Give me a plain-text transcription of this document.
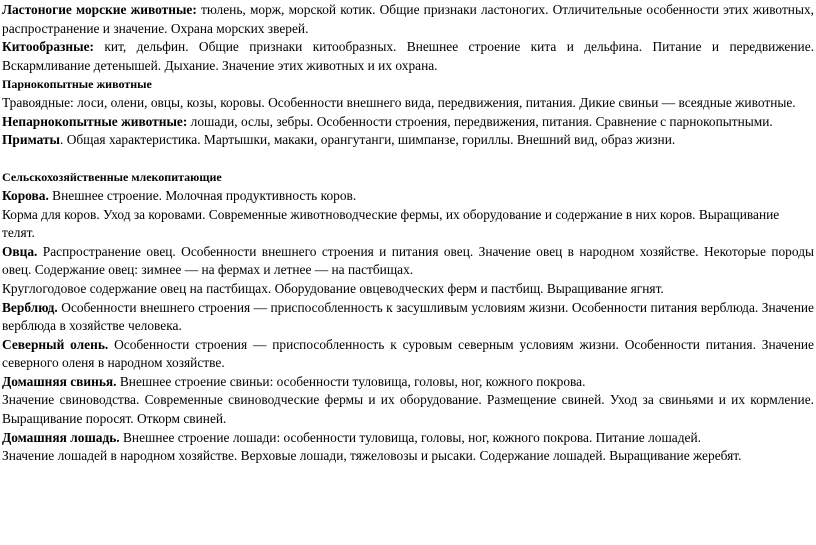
Ластоногие морские животные: тюлень, морж, морской котик. Общие признаки ластоногих. Отличительные особенности этих животных, распространение и значение. Охрана морских зверей.

Китообразные: кит, дельфин. Общие признаки китообразных. Внешнее строение кита и дельфина. Питание и передвижение. Вскармливание детенышей. Дыхание. Значение этих животных и их охрана.

Парнокопытные животные

Травоядные: лоси, олени, овцы, козы, коровы. Особенности внешнего вида, передвижения, питания. Дикие свиньи — всеядные животные.

Непарнокопытные животные: лошади, ослы, зебры. Особенности строения, передвижения, питания. Сравнение с парнокопытными.

Приматы. Общая характеристика. Мартышки, макаки, орангутанги, шимпанзе, гориллы. Внешний вид, образ жизни.

Сельскохозяйственные млекопитающие

Корова. Внешнее строение. Молочная продуктивность коров.

Корма для коров. Уход за коровами. Современные животноводческие фермы, их оборудование и содержание в них коров. Выращивание телят.

Овца. Распространение овец. Особенности внешнего строения и питания овец. Значение овец в народном хозяйстве. Некоторые породы овец. Содержание овец: зимнее — на фермах и летнее — на пастбищах.

Круглогодовое содержание овец на пастбищах. Оборудование овцеводческих ферм и пастбищ. Выращивание ягнят.

Верблюд. Особенности внешнего строения — приспособленность к засушливым условиям жизни. Особенности питания верблюда. Значение верблюда в хозяйстве человека.

Северный олень. Особенности строения — приспособленность к суровым северным условиям жизни. Особенности питания. Значение северного оленя в народном хозяйстве.

Домашняя свинья. Внешнее строение свиньи: особенности туловища, головы, ног, кожного покрова.

Значение свиноводства. Современные свиноводческие фермы и их оборудование. Размещение свиней. Уход за свиньями и их кормление. Выращивание поросят. Откорм свиней.

Домашняя лошадь. Внешнее строение лошади: особенности туловища, головы, ног, кожного покрова. Питание лошадей.

Значение лошадей в народном хозяйстве. Верховые лошади, тяжеловозы и рысаки. Содержание лошадей. Выращивание жеребят.
